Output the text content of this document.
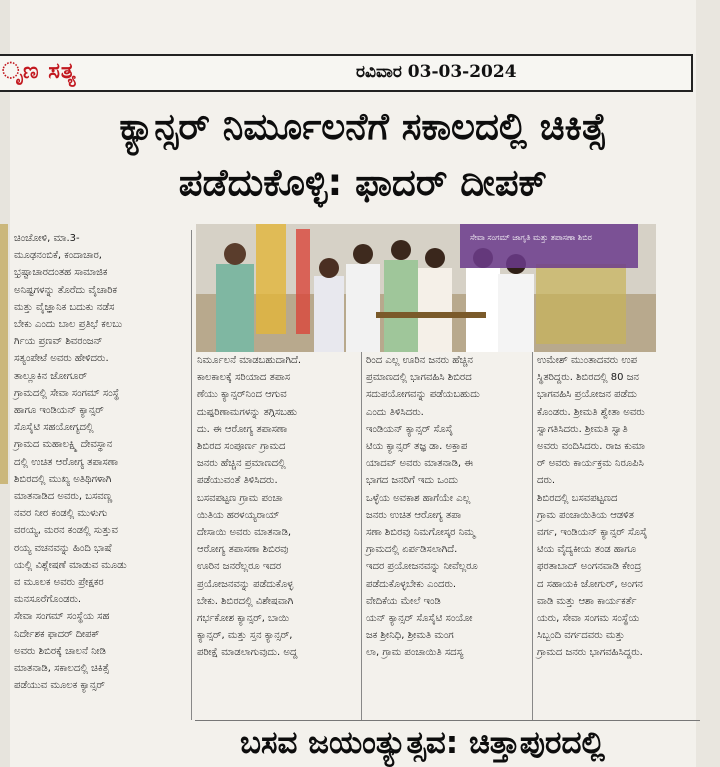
ೃಣ ಸತ್ಯ	ರವಿವಾರ 03-03-2024
ಕ್ಯಾನ್ಸರ್ ನಿರ್ಮೂಲನೆಗೆ ಸಕಾಲದಲ್ಲಿ ಚಿಕಿತ್ಸೆ
ಪಡೆದುಕೊಳ್ಳಿ: ಫಾದರ್ ದೀಪಕ್
ಸೇವಾ ಸಂಗಮ್ ಜಾಗೃತಿ ಮತ್ತು ತಪಾಸಣಾ ಶಿಬಿರ
ಚಿಂಚೋಳಿ, ಮಾ.3-
ಮೂಢನಂಬಿಕೆ, ಕಂದಾಚಾರ,
ಭ್ರಷ್ಟಾಚಾರದಂತಹ ಸಾಮಾಜಿಕ
ಅನಿಷ್ಟಗಳನ್ನು ತೊರೆದು ವೈಚಾರಿಕ
ಮತ್ತು ವೈಜ್ಞಾನಿಕ ಬದುಕು ನಡೆಸ
ಬೇಕು ಎಂದು ಬಾಲ ಪ್ರತಿಭೆ ಕಲಬು
ರ್ಗಿಯ ಪ್ರಣವ್ ಶಿವರಂಜನ್
ಸತ್ಯಂಪೇಟೆ ಅವರು ಹೇಳಿದರು.
ತಾಲ್ಲೂಕಿನ ಜೋಗೂರ್
ಗ್ರಾಮದಲ್ಲಿ ಸೇವಾ ಸಂಗಮ್ ಸಂಸ್ಥೆ
ಹಾಗೂ ಇಂಡಿಯನ್ ಕ್ಯಾನ್ಸರ್
ಸೊಸೈಟಿ ಸಹಯೋಗ್ಯದಲ್ಲಿ
ಗ್ರಾಮದ ಮಹಾಲಕ್ಷ್ಮಿ ದೇವಸ್ಥಾನ
ದಲ್ಲಿ ಉಚಿತ ಆರೋಗ್ಯ ತಪಾಸಣಾ
ಶಿಬಿರದಲ್ಲಿ ಮುಖ್ಯ ಅತಿಥಿಗಳಾಗಿ
ಮಾತನಾಡಿದ ಅವರು, ಬಸವಣ್ಣ
ನವರ ನೀರ ಕಂಡಲ್ಲಿ ಮುಳುಗು
ವರಯ್ಯ, ಮರನ ಕಂಡಲ್ಲಿ ಸುತ್ತುವ
ರಯ್ಯ ವಚನವನ್ನು ಹಿಂದಿ ಭಾಷೆ
ಯಲ್ಲಿ ವಿಶ್ಲೇಷಣೆ ಮಾಡುವ ಮೂಡು
ವ ಮೂಲಕ ಅವರು ಪ್ರೇಕ್ಷಕರ
ಮನಸೂರೆಗೊಂಡರು.
ಸೇವಾ ಸಂಗಮ್ ಸಂಸ್ಥೆಯ ಸಹ
ನಿರ್ದೇಶಕ ಫಾದರ್ ದೀಪಕ್
ಅವರು ಶಿಬಿರಕ್ಕೆ ಚಾಲನೆ ನೀಡಿ
ಮಾತನಾಡಿ, ಸಕಾಲದಲ್ಲಿ ಚಿಕಿತ್ಸೆ
ಪಡೆಯುವ ಮೂಲಕ ಕ್ಯಾನ್ಸರ್
ನಿರ್ಮೂಲನೆ ಮಾಡಬಹುದಾಗಿದೆ.
ಕಾಲಕಾಲಕ್ಕೆ ಸರಿಯಾದ ತಪಾಸ
ಣೆಯು ಕ್ಯಾನ್ಸರ್‌ನಿಂದ ಆಗುವ
ದುಷ್ಪರಿಣಾಮಗಳನ್ನು ತಗ್ಗಿಸಬಹು
ದು. ಈ ಆರೋಗ್ಯ ತಪಾಸಣಾ
ಶಿಬಿರದ ಸಂಪೂರ್ಣ ಗ್ರಾಮದ
ಜನರು ಹೆಚ್ಚಿನ ಪ್ರಮಾಣದಲ್ಲಿ
ಪಡೆಯುವಂತೆ ತಿಳಿಸಿದರು.
ಬಸವಪಟ್ಟಣ ಗ್ರಾಮ ಪಂಚಾ
ಯಿತಿಯ ಹರಳಯ್ಯರಾಯ್
ದೇಸಾಯಿ ಅವರು ಮಾತನಾಡಿ,
ಆರೋಗ್ಯ ತಪಾಸಣಾ ಶಿಬಿರವು
ಊರಿನ ಜನರೆಲ್ಲರೂ ಇದರ
ಪ್ರಯೋಜನವನ್ನು ಪಡೆದುಕೊಳ್ಳ
ಬೇಕು. ಶಿಬಿರದಲ್ಲಿ ವಿಶೇಷವಾಗಿ
ಗರ್ಭಕೋಶ ಕ್ಯಾನ್ಸರ್, ಬಾಯಿ
ಕ್ಯಾನ್ಸರ್, ಮತ್ತು ಸ್ತನ ಕ್ಯಾನ್ಸರ್,
ಪರೀಕ್ಷೆ ಮಾಡಲಾಗುವುದು. ಅದ್ದ
ರಿಂದ ಎಲ್ಲ ಊರಿನ ಜನರು ಹೆಚ್ಚಿನ
ಪ್ರಮಾಣದಲ್ಲಿ ಭಾಗವಹಿಸಿ ಶಿಬಿರದ
ಸದುಪಯೋಗವನ್ನು ಪಡೆಯಬಹುದು
ಎಂದು ತಿಳಿಸಿದರು.
ಇಂಡಿಯನ್ ಕ್ಯಾನ್ಸರ್ ಸೊಸೈ
ಟಿಯ ಕ್ಯಾನ್ಸರ್ ತಜ್ಞ ಡಾ. ಅಕ್ತಾಪ
ಯಾದವ್ ಅವರು ಮಾತನಾಡಿ, ಈ
ಭಾಗದ ಜನರಿಗೆ ಇದು ಒಂದು
ಒಳ್ಳೆಯ ಅವಕಾಶ ಹಾಗೆಯೇ ಎಲ್ಲ
ಜನರು ಉಚಿತ ಆರೋಗ್ಯ ತಪಾ
ಸಣಾ ಶಿಬಿರವು ನಿಮಗೋಸ್ಕರ ನಿಮ್ಮ
ಗ್ರಾಮದಲ್ಲಿ ಏರ್ಪಡಿಸಲಾಗಿದೆ.
ಇದರ ಪ್ರಯೋಜನವನ್ನು ನೀವೆಲ್ಲರೂ
ಪಡೆದುಕೊಳ್ಳಬೇಕು ಎಂದರು.
ವೇದಿಕೆಯ ಮೇಲೆ ಇಂಡಿ
ಯನ್ ಕ್ಯಾನ್ಸರ್ ಸೊಸೈಟಿ ಸಂಯೋ
ಜಕ ಶ್ರೀನಿಧಿ, ಶ್ರೀಮತಿ ಮಂಗ
ಲಾ, ಗ್ರಾಮ ಪಂಚಾಯಿತಿ ಸದಸ್ಯ
ಉಮೇಶ್ ಮುಂತಾದವರು ಉಪ
ಸ್ಥಿತರಿದ್ದರು. ಶಿಬಿರದಲ್ಲಿ 80 ಜನ
ಭಾಗವಹಿಸಿ ಪ್ರಯೋಜನ ಪಡೆದು
ಕೊಂಡರು. ಶ್ರೀಮತಿ ಶ್ವೇತಾ ಅವರು
ಸ್ವಾಗತಿಸಿದರು. ಶ್ರೀಮತಿ ಸ್ವಾತಿ
ಅವರು ವಂದಿಸಿದರು. ರಾಜ ಕುಮಾ
ರ್ ಅವರು ಕಾರ್ಯಕ್ರಮ ನಿರೂಪಿಸಿ
ದರು.
ಶಿಬಿರದಲ್ಲಿ ಬಸವಪಟ್ಟಣದ
ಗ್ರಾಮ ಪಂಚಾಯಿತಿಯ ಆಡಳಿತ
ವರ್ಗ, ಇಂಡಿಯನ್ ಕ್ಯಾನ್ಸರ್ ಸೊಸೈ
ಟಿಯ ವೈದ್ಯಕೀಯ ತಂಡ ಹಾಗೂ
ಫರತಾಬಾದ್ ಅಂಗನವಾಡಿ ಕೇಂದ್ರ
ದ ಸಹಾಯಕಿ ಜೋಗುರ್, ಅಂಗನ
ವಾಡಿ ಮತ್ತು ಆಶಾ ಕಾರ್ಯಕರ್ತೆ
ಯರು, ಸೇವಾ ಸಂಗಮ ಸಂಸ್ಥೆಯ
ಸಿಬ್ಬಂದಿ ವರ್ಗದವರು ಮತ್ತು
ಗ್ರಾಮದ ಜನರು ಭಾಗವಹಿಸಿದ್ದರು.
ಬಸವ ಜಯಂತ್ಯುತ್ಸವ: ಚಿತ್ತಾಪುರದಲ್ಲಿ
